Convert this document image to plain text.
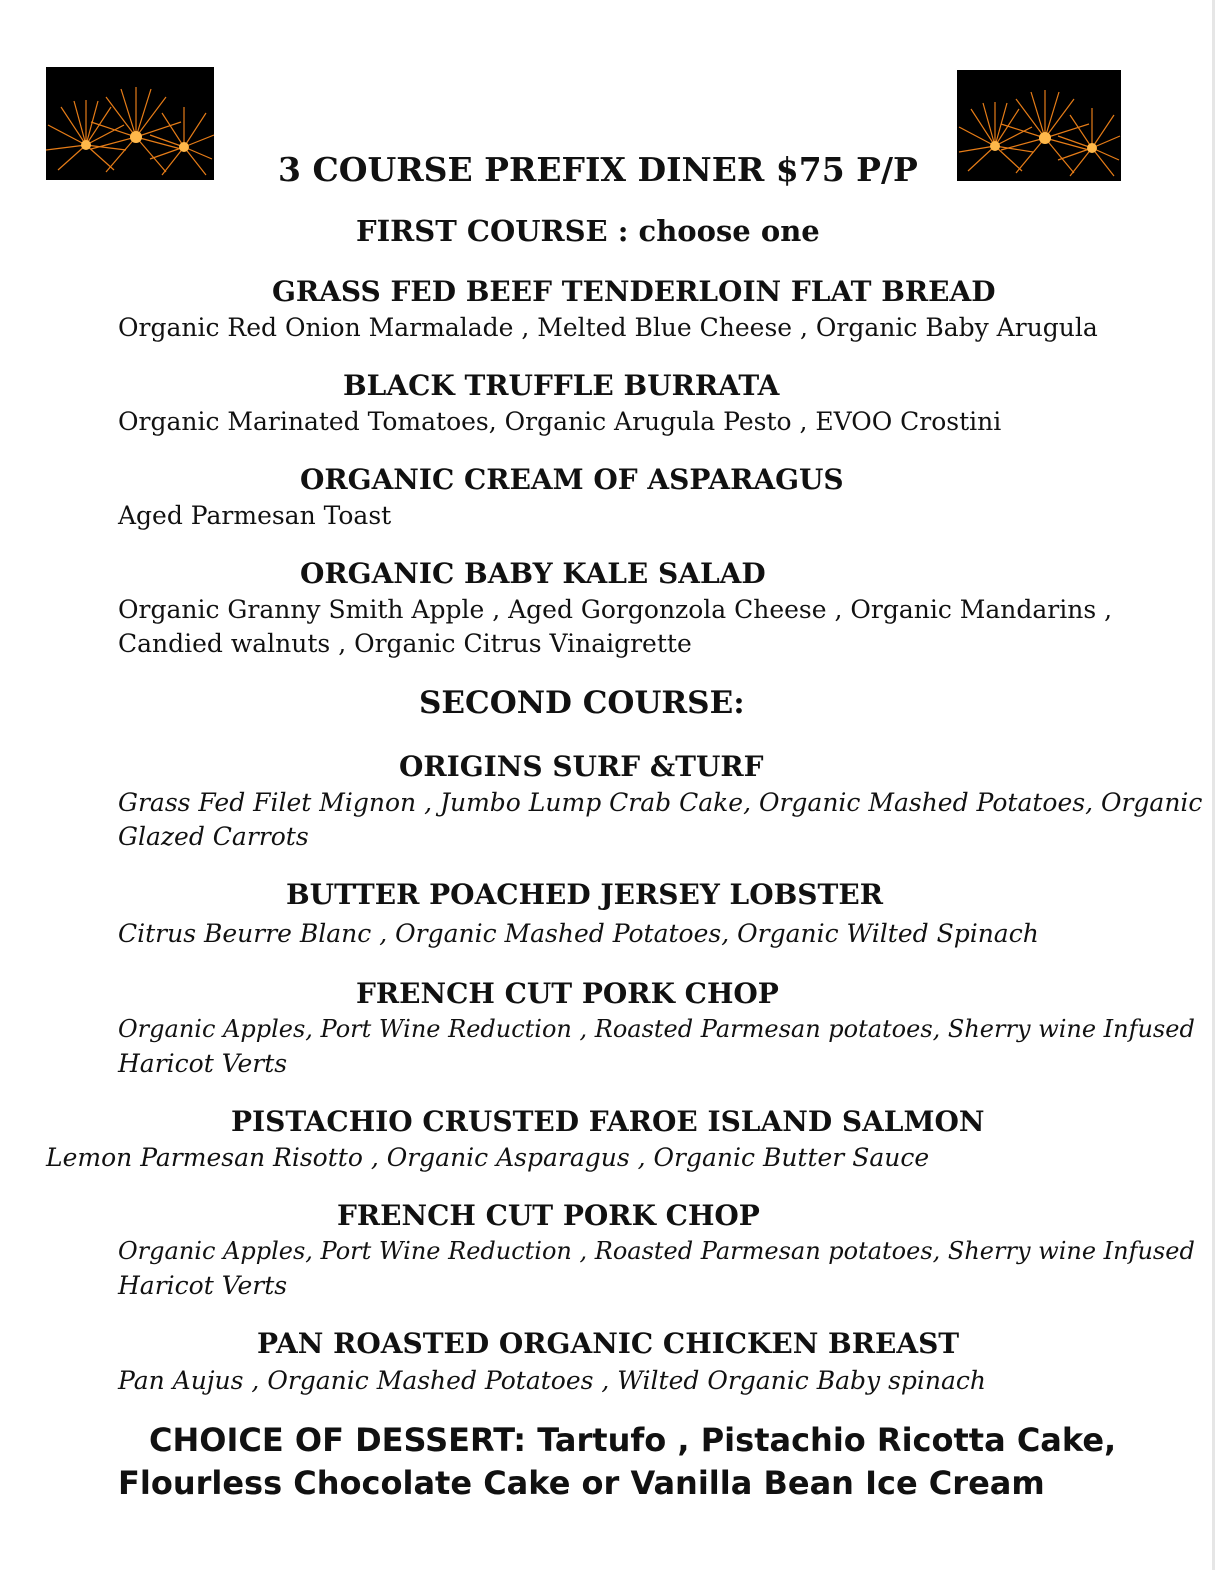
3 COURSE PREFIX DINER $75 P/P
FIRST COURSE : choose one
GRASS FED BEEF TENDERLOIN FLAT BREAD
Organic Red Onion Marmalade , Melted Blue Cheese , Organic Baby Arugula
BLACK TRUFFLE BURRATA
Organic Marinated Tomatoes, Organic Arugula Pesto , EVOO Crostini
ORGANIC CREAM OF ASPARAGUS
Aged Parmesan Toast
ORGANIC BABY KALE SALAD
Organic Granny Smith Apple , Aged Gorgonzola Cheese , Organic Mandarins ,
Candied walnuts , Organic Citrus Vinaigrette
SECOND COURSE:
ORIGINS SURF &TURF
Grass Fed Filet Mignon , Jumbo Lump Crab Cake, Organic Mashed Potatoes, Organic
Glazed Carrots
BUTTER POACHED JERSEY LOBSTER
Citrus Beurre Blanc , Organic Mashed Potatoes, Organic Wilted Spinach
FRENCH CUT PORK CHOP
Organic Apples, Port Wine Reduction , Roasted Parmesan potatoes, Sherry wine Infused
Haricot Verts
PISTACHIO CRUSTED FAROE ISLAND SALMON
Lemon Parmesan Risotto , Organic Asparagus , Organic Butter Sauce
FRENCH CUT PORK CHOP
Organic Apples, Port Wine Reduction , Roasted Parmesan potatoes, Sherry wine Infused
Haricot Verts
PAN ROASTED ORGANIC CHICKEN BREAST
Pan Aujus , Organic Mashed Potatoes , Wilted Organic Baby spinach
CHOICE OF DESSERT: Tartufo , Pistachio Ricotta Cake,
Flourless Chocolate Cake or Vanilla Bean Ice Cream
